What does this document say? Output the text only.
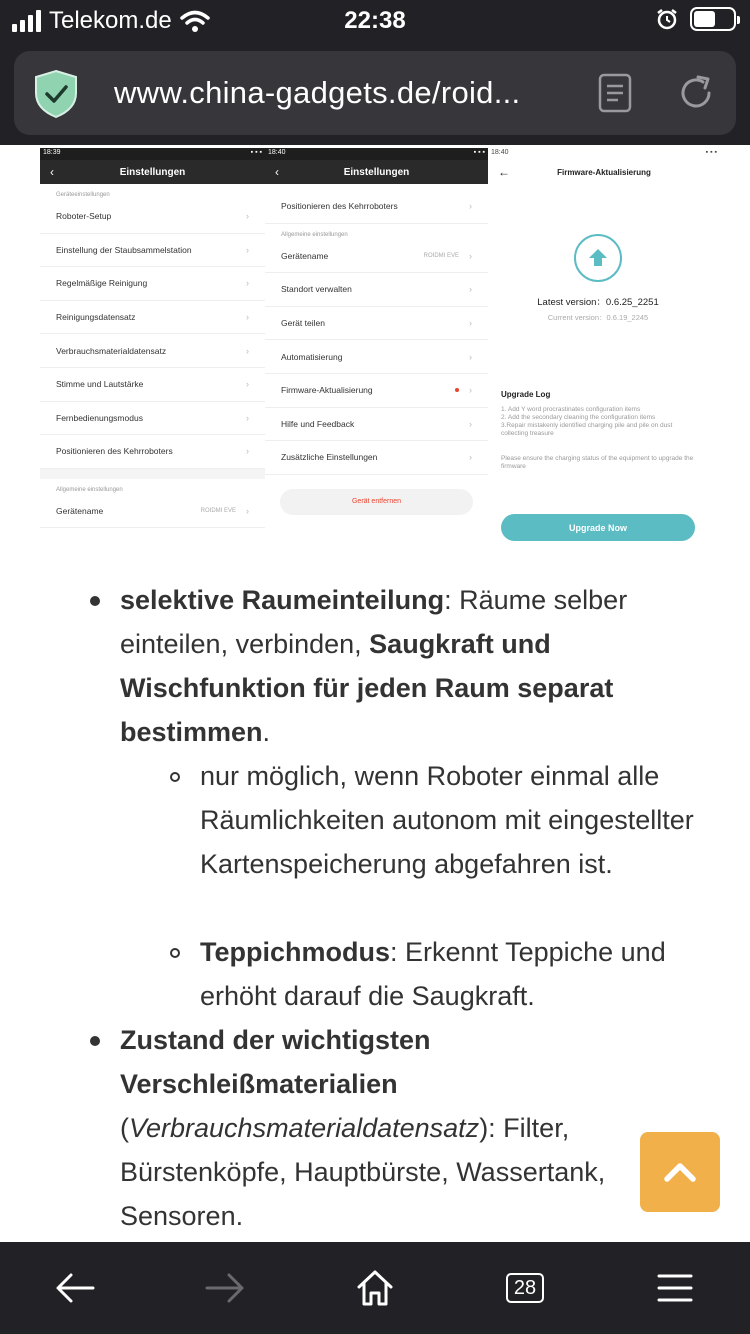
Telekom.de	22:38
www.china-gadgets.de/roid...
18:39	▪ ▪ ▪
‹	Einstellungen
Geräteeinstellungen
Roboter-Setup	›
Einstellung der Staubsammelstation	›
Regelmäßige Reinigung	›
Reinigungsdatensatz	›
Verbrauchsmaterialdatensatz	›
Stimme und Lautstärke	›
Fernbedienungsmodus	›
Positionieren des Kehrroboters	›
Allgemeine einstellungen
Gerätename	ROIDMI EVE ›
18:40	▪ ▪ ▪
‹	Einstellungen
Positionieren des Kehrroboters	›
Allgemeine einstellungen
Gerätename	ROIDMI EVE ›
Standort verwalten	›
Gerät teilen	›
Automatisierung	›
Firmware-Aktualisierung	›
Hilfe und Feedback	›
Zusätzliche Einstellungen	›
Gerät entfernen
18:40	▪ ▪ ▪
←	Firmware-Aktualisierung
Latest version：0.6.25_2251
Current version：0.6.19_2245
Upgrade Log
1. Add Y word procrastinates configuration items
2. Add the secondary cleaning the configuration items
3.Repair mistakenly identified charging pile and pile on dust collecting treasure
Please ensure the charging status of the equipment to upgrade the firmware
Upgrade Now
selektive Raumeinteilung: Räume selber einteilen, verbinden, Saugkraft und Wischfunktion für jeden Raum separat bestimmen.
nur möglich, wenn Roboter einmal alle Räumlichkeiten autonom mit eingestellter Kartenspeicherung abgefahren ist.
Teppichmodus: Erkennt Teppiche und erhöht darauf die Saugkraft.
Zustand der wichtigsten Verschleißmaterialien (Verbrauchsmaterialdatensatz): Filter, Bürstenköpfe, Hauptbürste, Wassertank, Sensoren.
28
